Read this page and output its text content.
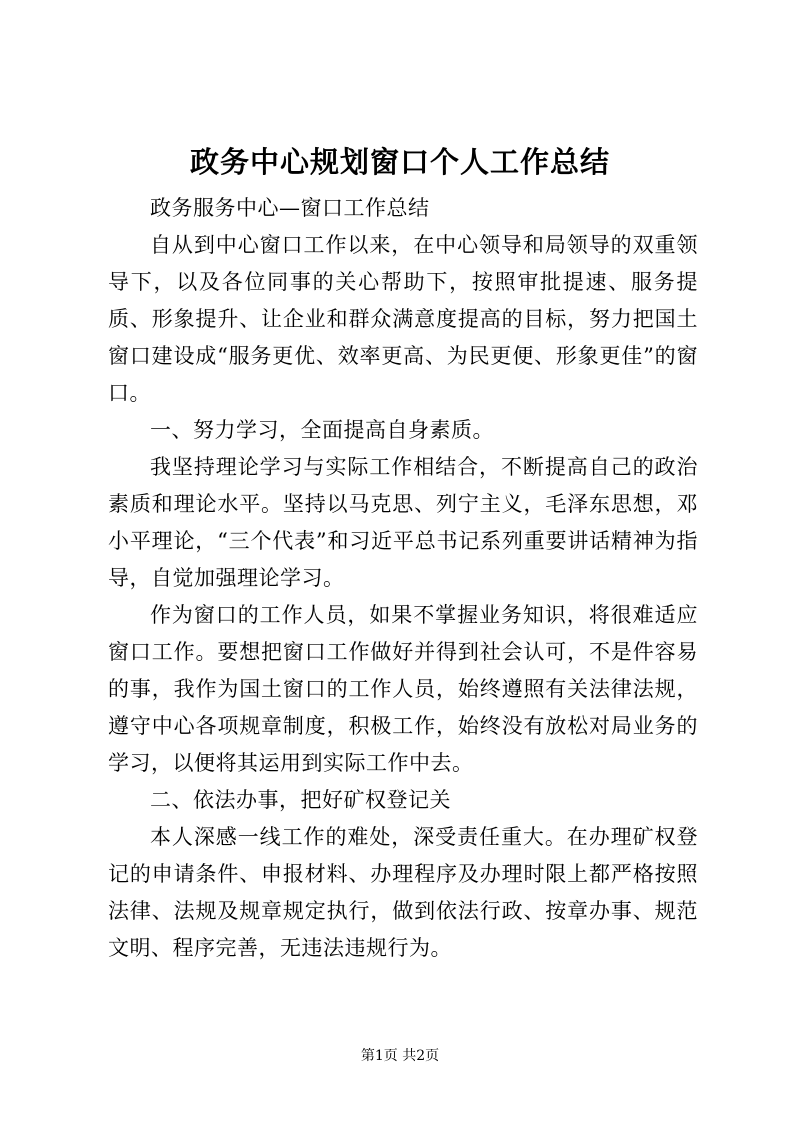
政务中心规划窗口个人工作总结

政务服务中心—窗口工作总结

自从到中心窗口工作以来，在中心领导和局领导的双重领导下，以及各位同事的关心帮助下，按照审批提速、服务提质、形象提升、让企业和群众满意度提高的目标，努力把国土窗口建设成“服务更优、效率更高、为民更便、形象更佳”的窗口。

一、努力学习，全面提高自身素质。

我坚持理论学习与实际工作相结合，不断提高自己的政治素质和理论水平。坚持以马克思、列宁主义，毛泽东思想，邓小平理论，“三个代表”和习近平总书记系列重要讲话精神为指导，自觉加强理论学习。

作为窗口的工作人员，如果不掌握业务知识，将很难适应窗口工作。要想把窗口工作做好并得到社会认可，不是件容易的事，我作为国土窗口的工作人员，始终遵照有关法律法规，遵守中心各项规章制度，积极工作，始终没有放松对局业务的学习，以便将其运用到实际工作中去。

二、依法办事，把好矿权登记关

本人深感一线工作的难处，深受责任重大。在办理矿权登记的申请条件、申报材料、办理程序及办理时限上都严格按照法律、法规及规章规定执行，做到依法行政、按章办事、规范文明、程序完善，无违法违规行为。

第1页 共2页
